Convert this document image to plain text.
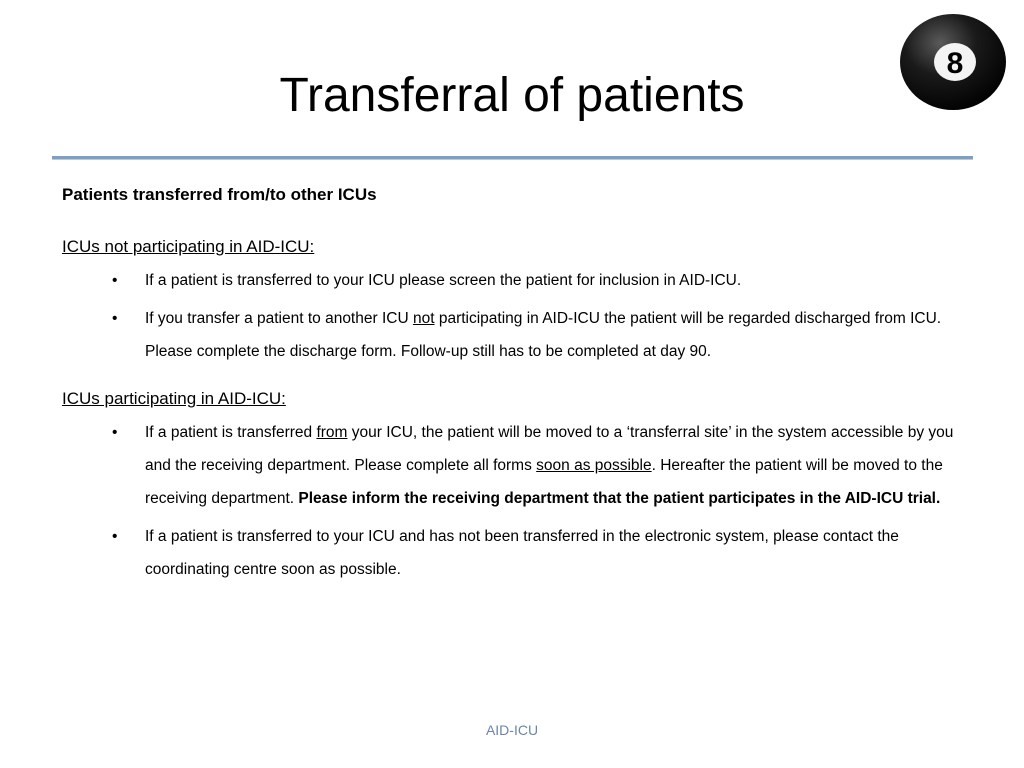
Transferral of patients
8

Patients transferred from/to other ICUs

ICUs not participating in AID-ICU:

• If a patient is transferred to your ICU please screen the patient for inclusion in AID-ICU.
• If you transfer a patient to another ICU not participating in AID-ICU the patient will be regarded discharged from ICU. Please complete the discharge form. Follow-up still has to be completed at day 90.

ICUs participating in AID-ICU:

• If a patient is transferred from your ICU, the patient will be moved to a ‘transferral site’ in the system accessible by you and the receiving department. Please complete all forms soon as possible. Hereafter the patient will be moved to the receiving department. Please inform the receiving department that the patient participates in the AID-ICU trial.
• If a patient is transferred to your ICU and has not been transferred in the electronic system, please contact the coordinating centre soon as possible.
AID-ICU
